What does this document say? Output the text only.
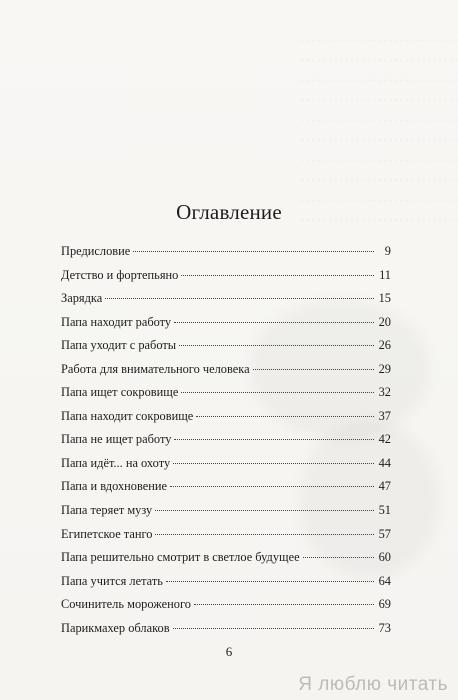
. . . . . . . . . . . . . . . . . . . . . . . . . . . . .
. . . . . . . . . . . . . . . . . . . . . . . . . . . . .
. . . . . . . . . . . . . . . . . . . . . . . . . . . . .
. . . . . . . . . . . . . . . . . . . . . . . . . . . . .
. . . . . . . . . . . . . . . . . . . . . . . . . . . . .
. . . . . . . . . . . . . . . . . . . . . . . . . . . . .
. . . . . . . . . . . . . . . . . . . . . . . . . . . . .
. . . . . . . . . . . . . . . . . . . . . . . . . . . . .
. . . . . . . . . . . . . . . . . . . . . . . . . . . . .
. . . . . . . . . . . . . . . . . . . . . . . . . . . . .
Оглавление
Предисловие	9
Детство и фортепьяно	11
Зарядка	15
Папа находит работу	20
Папа уходит с работы	26
Работа для внимательного человека	29
Папа ищет сокровище	32
Папа находит сокровище	37
Папа не ищет работу	42
Папа идёт... на охоту	44
Папа и вдохновение	47
Папа теряет музу	51
Египетское танго	57
Папа решительно смотрит в светлое будущее	60
Папа учится летать	64
Сочинитель мороженого	69
Парикмахер облаков	73
6
Я люблю читать
